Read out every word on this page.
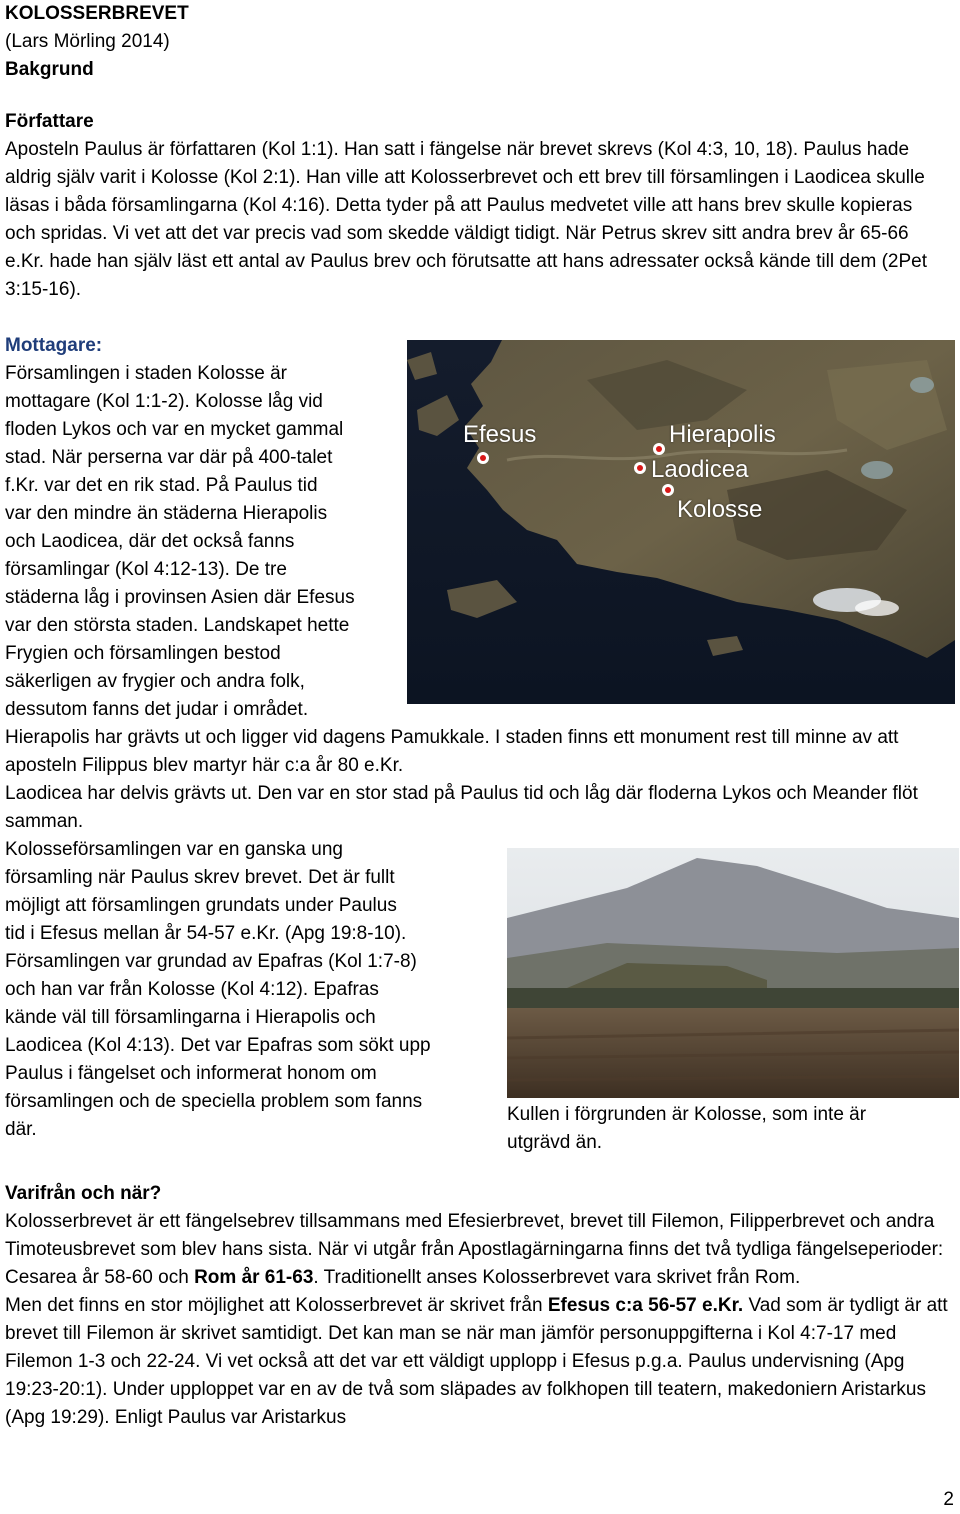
KOLOSSERBREVET

(Lars Mörling 2014)

Bakgrund

Författare

Aposteln Paulus är författaren (Kol 1:1). Han satt i fängelse när brevet skrevs (Kol 4:3, 10, 18). Paulus hade aldrig själv varit i Kolosse (Kol 2:1). Han ville att Kolosserbrevet och ett brev till församlingen i Laodicea skulle läsas i båda församlingarna (Kol 4:16). Detta tyder på att Paulus medvetet ville att hans brev skulle kopieras och spridas. Vi vet att det var precis vad som skedde väldigt tidigt. När Petrus skrev sitt andra brev år 65-66 e.Kr. hade han själv läst ett antal av Paulus brev och förutsatte att hans adressater också kände till dem (2Pet 3:15-16).

Mottagare:

Församlingen i staden Kolosse är

mottagare (Kol 1:1-2). Kolosse låg vid

floden Lykos och var en mycket gammal

stad. När perserna var där på 400-talet

f.Kr. var det en rik stad. På Paulus tid

var den mindre än städerna Hierapolis

och Laodicea, där det också fanns

församlingar (Kol 4:12-13). De tre

städerna låg i provinsen Asien där Efesus

var den största staden. Landskapet hette

Frygien och församlingen bestod

säkerligen av frygier och andra folk,

dessutom fanns det judar i området.

Hierapolis har grävts ut och ligger vid dagens Pamukkale. I staden finns ett monument rest till minne av att aposteln Filippus blev martyr här c:a år 80 e.Kr.

Laodicea har delvis grävts ut. Den var en stor stad på Paulus tid och låg där floderna Lykos och Meander flöt samman.

Kolosseförsamlingen var en ganska ung

församling när Paulus skrev brevet. Det är fullt

möjligt att församlingen grundats under Paulus

tid i Efesus mellan år 54-57 e.Kr. (Apg 19:8-10).

Församlingen var grundad av Epafras (Kol 1:7-8)

och han var från Kolosse (Kol 4:12). Epafras

kände väl till församlingarna i Hierapolis och

Laodicea (Kol 4:13). Det var Epafras som sökt upp

Paulus i fängelset och informerat honom om

församlingen och de speciella problem som fanns

där.

Efesus	Hierapolis
Laodicea
Kolosse

Kullen i förgrunden är Kolosse, som inte är

utgrävd än.

Varifrån och när?

Kolosserbrevet är ett fängelsebrev tillsammans med Efesierbrevet, brevet till Filemon, Filipperbrevet och andra Timoteusbrevet som blev hans sista. När vi utgår från Apostlagärningarna finns det två tydliga fängelseperioder: Cesarea år 58-60 och Rom år 61-63. Traditionellt anses Kolosserbrevet vara skrivet från Rom.

Men det finns en stor möjlighet att Kolosserbrevet är skrivet från Efesus c:a 56-57 e.Kr. Vad som är tydligt är att brevet till Filemon är skrivet samtidigt. Det kan man se när man jämför personuppgifterna i Kol 4:7-17 med Filemon 1-3 och 22-24. Vi vet också att det var ett väldigt upplopp i Efesus p.g.a. Paulus undervisning (Apg 19:23-20:1). Under upploppet var en av de två som släpades av folkhopen till teatern, makedoniern Aristarkus (Apg 19:29). Enligt Paulus var Aristarkus

2
